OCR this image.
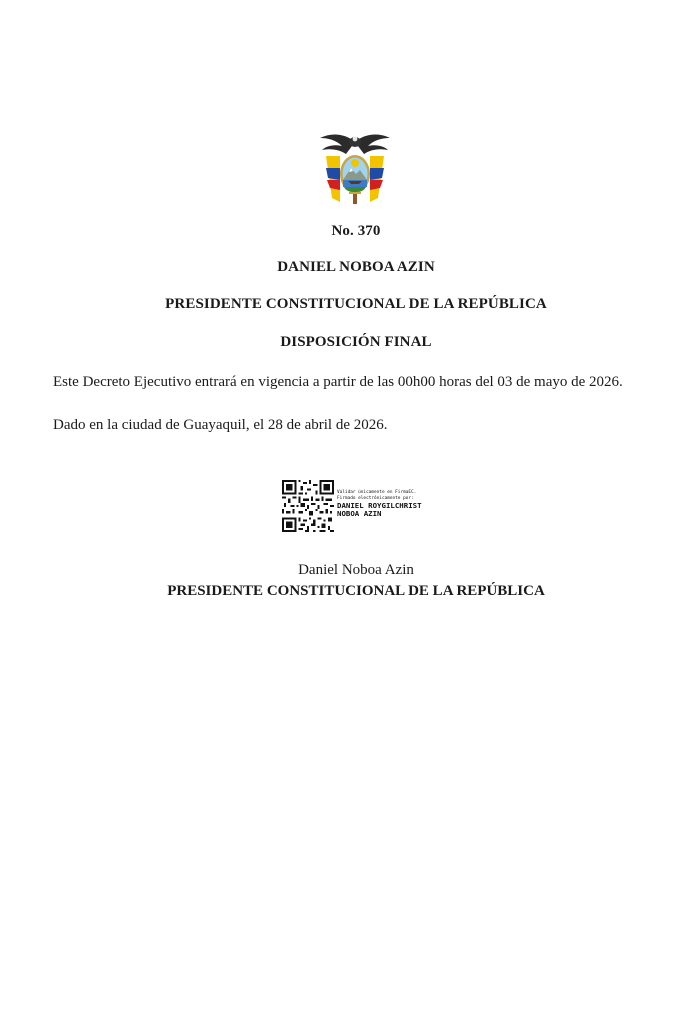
No. 370
DANIEL NOBOA AZIN
PRESIDENTE CONSTITUCIONAL DE LA REPÚBLICA
DISPOSICIÓN FINAL
Este Decreto Ejecutivo entrará en vigencia a partir de las 00h00 horas del 03 de mayo de 2026.
Dado en la ciudad de Guayaquil, el 28 de abril de 2026.
Validar únicamente en FirmaEC.
Firmado electrónicamente por:
DANIEL ROYGILCHRIST
NOBOA AZIN
Daniel Noboa Azin
PRESIDENTE CONSTITUCIONAL DE LA REPÚBLICA
